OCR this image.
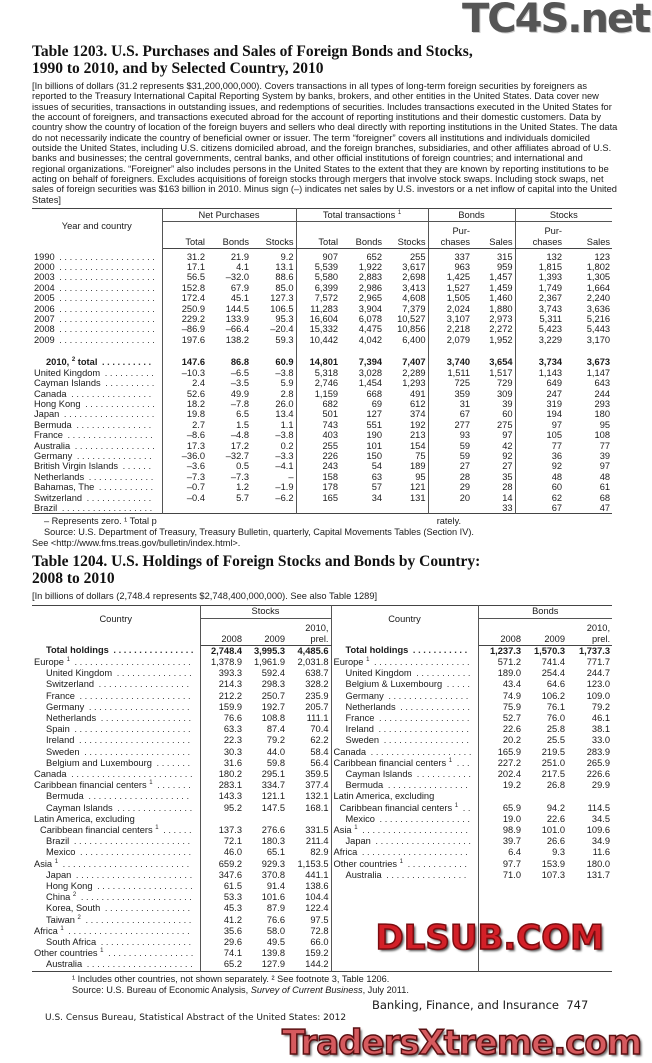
TC4S.net
Table 1203. U.S. Purchases and Sales of Foreign Bonds and Stocks,
1990 to 2010, and by Selected Country, 2010
[In billions of dollars (31.2 represents $31,200,000,000). Covers transactions in all types of long-term foreign securities by foreigners as reported to the Treasury International Capital Reporting System by banks, brokers, and other entities in the United States. Data cover new issues of securities, transactions in outstanding issues, and redemptions of securities. Includes transactions executed in the United States for the account of foreigners, and transactions executed abroad for the account of reporting institutions and their domestic customers. Data by country show the country of location of the foreign buyers and sellers who deal directly with reporting institutions in the United States. The data do not necessarily indicate the country of beneficial owner or issuer. The term “foreigner” covers all institutions and individuals domiciled outside the United States, including U.S. citizens domiciled abroad, and the foreign branches, subsidiaries, and other affiliates abroad of U.S. banks and businesses; the central governments, central banks, and other official institutions of foreign countries; and international and regional organizations. “Foreigner” also includes persons in the United States to the extent that they are known by reporting institutions to be acting on behalf of foreigners. Excludes acquisitions of foreign stocks through mergers that involve stock swaps. Including stock swaps, net sales of foreign securities was $163 billion in 2010. Minus sign (–) indicates net sales by U.S. investors or a net inflow of capital into the United States]
Year and country	Net Purchases			Total transactions $^1$			Bonds		Stocks	
	Total	Bonds	Stocks	Total	Bonds	Stocks	Pur-
chases	Sales	Pur-
chases	Sales

1990 . . . . . . . . . . . . . . . . . . .	31.2	21.9	9.2	907	652	255	337	315	132	123
2000 . . . . . . . . . . . . . . . . . . .	17.1	4.1	13.1	5,539	1,922	3,617	963	959	1,815	1,802
2003 . . . . . . . . . . . . . . . . . . .	56.5	–32.0	88.6	5,580	2,883	2,698	1,425	1,457	1,393	1,305
2004 . . . . . . . . . . . . . . . . . . .	152.8	67.9	85.0	6,399	2,986	3,413	1,527	1,459	1,749	1,664
2005 . . . . . . . . . . . . . . . . . . .	172.4	45.1	127.3	7,572	2,965	4,608	1,505	1,460	2,367	2,240
2006 . . . . . . . . . . . . . . . . . . .	250.9	144.5	106.5	11,283	3,904	7,379	2,024	1,880	3,743	3,636
2007 . . . . . . . . . . . . . . . . . . .	229.2	133.9	95.3	16,604	6,078	10,527	3,107	2,973	5,311	5,216
2008 . . . . . . . . . . . . . . . . . . .	–86.9	–66.4	–20.4	15,332	4,475	10,856	2,218	2,272	5,423	5,443
2009 . . . . . . . . . . . . . . . . . . .	197.6	138.2	59.3	10,442	4,042	6,400	2,079	1,952	3,229	3,170

2010, $^2$ total . . . . . . . . . .	147.6	86.8	60.9	14,801	7,394	7,407	3,740	3,654	3,734	3,673
United Kingdom . . . . . . . . . .	–10.3	–6.5	–3.8	5,318	3,028	2,289	1,511	1,517	1,143	1,147
Cayman Islands . . . . . . . . . .	2.4	–3.5	5.9	2,746	1,454	1,293	725	729	649	643
Canada . . . . . . . . . . . . . . . .	52.6	49.9	2.8	1,159	668	491	359	309	247	244
Hong Kong . . . . . . . . . . . . . .	18.2	–7.8	26.0	682	69	612	31	39	319	293
Japan . . . . . . . . . . . . . . . . . .	19.8	6.5	13.4	501	127	374	67	60	194	180
Bermuda . . . . . . . . . . . . . . .	2.7	1.5	1.1	743	551	192	277	275	97	95
France . . . . . . . . . . . . . . . . .	–8.6	–4.8	–3.8	403	190	213	93	97	105	108
Australia . . . . . . . . . . . . . . . .	17.3	17.2	0.2	255	101	154	59	42	77	77
Germany . . . . . . . . . . . . . . .	–36.0	–32.7	–3.3	226	150	75	59	92	36	39
British Virgin Islands . . . . . .	–3.6	0.5	–4.1	243	54	189	27	27	92	97
Netherlands . . . . . . . . . . . . .	–7.3	–7.3	–	158	63	95	28	35	48	48
Bahamas, The . . . . . . . . . . .	–0.7	1.2	–1.9	178	57	121	29	28	60	61
Switzerland . . . . . . . . . . . . .	–0.4	5.7	–6.2	165	34	131	20	14	62	68
Brazil . . . . . . . . . . . . . . . . . .								33	67	47
– Represents zero. ¹ Total p	rately.
Source: U.S. Department of Treasury, Treasury Bulletin, quarterly, Capital Movements Tables (Section IV).
See <http://www.fms.treas.gov/bulletin/index.html>.
Table 1204. U.S. Holdings of Foreign Stocks and Bonds by Country:
2008 to 2010
[In billions of dollars (2,748.4 represents $2,748,400,000,000). See also Table 1289]
Country	Stocks			Country	Bonds		
	2008	2009	2010,
prel.		2008	2009	2010,
prel.
Total holdings . . . . . . . . . . . . . . . .	2,748.4	3,995.3	4,485.6	Total holdings . . . . . . . . . . .	1,237.3	1,570.3	1,737.3
Europe $^1$ . . . . . . . . . . . . . . . . . . . . . . .	1,378.9	1,961.9	2,031.8	Europe $^1$ . . . . . . . . . . . . . . . . . . .	571.2	741.4	771.7
United Kingdom . . . . . . . . . . . . . . .	393.3	592.4	638.7	United Kingdom . . . . . . . . . . .	189.0	254.4	244.7
Switzerland . . . . . . . . . . . . . . . . . .	214.3	298.3	328.2	Belgium & Luxembourg . . . . .	43.4	64.6	123.0
France . . . . . . . . . . . . . . . . . . . . . .	212.2	250.7	235.9	Germany . . . . . . . . . . . . . . . .	74.9	106.2	109.0
Germany . . . . . . . . . . . . . . . . . . . .	159.9	192.7	205.7	Netherlands . . . . . . . . . . . . . .	75.9	76.1	79.2
Netherlands . . . . . . . . . . . . . . . . . .	76.6	108.8	111.1	France . . . . . . . . . . . . . . . . . .	52.7	76.0	46.1
Spain . . . . . . . . . . . . . . . . . . . . . . .	63.3	87.4	70.4	Ireland . . . . . . . . . . . . . . . . . .	22.6	25.8	38.1
Ireland . . . . . . . . . . . . . . . . . . . . . .	22.3	79.2	62.2	Sweden . . . . . . . . . . . . . . . . .	20.2	25.5	33.0
Sweden . . . . . . . . . . . . . . . . . . . . .	30.3	44.0	58.4	Canada . . . . . . . . . . . . . . . . . . . .	165.9	219.5	283.9
Belgium and Luxembourg . . . . . . .	31.6	59.8	56.4	Caribbean financial centers $^1$ . . .	227.2	251.0	265.9
Canada . . . . . . . . . . . . . . . . . . . . . . . .	180.2	295.1	359.5	Cayman Islands . . . . . . . . . . .	202.4	217.5	226.6
Caribbean financial centers $^1$ . . . . . . .	283.1	334.7	377.4	Bermuda . . . . . . . . . . . . . . . .	19.2	26.8	29.9
Bermuda . . . . . . . . . . . . . . . . . . . .	143.3	121.1	132.1	Latin America, excluding			
Cayman Islands . . . . . . . . . . . . . . .	95.2	147.5	168.1	Caribbean financial centers $^1$ . .	65.9	94.2	114.5
Latin America, excluding				Mexico . . . . . . . . . . . . . . . . . .	19.0	22.6	34.5
Caribbean financial centers $^1$ . . . . . .	137.3	276.6	331.5	Asia $^1$ . . . . . . . . . . . . . . . . . . . . .	98.9	101.0	109.6
Brazil . . . . . . . . . . . . . . . . . . . . . . .	72.1	180.3	211.4	Japan . . . . . . . . . . . . . . . . . . .	39.7	26.6	34.9
Mexico . . . . . . . . . . . . . . . . . . . . . .	46.0	65.1	82.9	Africa . . . . . . . . . . . . . . . . . . . . .	6.4	9.3	11.6
Asia $^1$ . . . . . . . . . . . . . . . . . . . . . . . . .	659.2	929.3	1,153.5	Other countries $^1$ . . . . . . . . . . . .	97.7	153.9	180.0
Japan . . . . . . . . . . . . . . . . . . . . . . .	347.6	370.8	441.1	Australia . . . . . . . . . . . . . . . .	71.0	107.3	131.7
Hong Kong . . . . . . . . . . . . . . . . . . .	61.5	91.4	138.6				
China $^2$ . . . . . . . . . . . . . . . . . . . . . .	53.3	101.6	104.4				
Korea, South . . . . . . . . . . . . . . . . .	45.3	87.9	122.4				
Taiwan $^2$ . . . . . . . . . . . . . . . . . . . . .	41.2	76.6	97.5				
Africa $^1$ . . . . . . . . . . . . . . . . . . . . . . . .	35.6	58.0	72.8				
South Africa . . . . . . . . . . . . . . . . . .	29.6	49.5	66.0				
Other countries $^1$ . . . . . . . . . . . . . . . . .	74.1	139.8	159.2				
Australia . . . . . . . . . . . . . . . . . . . . .	65.2	127.9	144.2				
DLSUB.COM
¹ Includes other countries, not shown separately. ² See footnote 3, Table 1206.
Source: U.S. Bureau of Economic Analysis, Survey of Current Business, July 2011.
Banking, Finance, and Insurance 747
U.S. Census Bureau, Statistical Abstract of the United States: 2012
TradersXtreme.com
